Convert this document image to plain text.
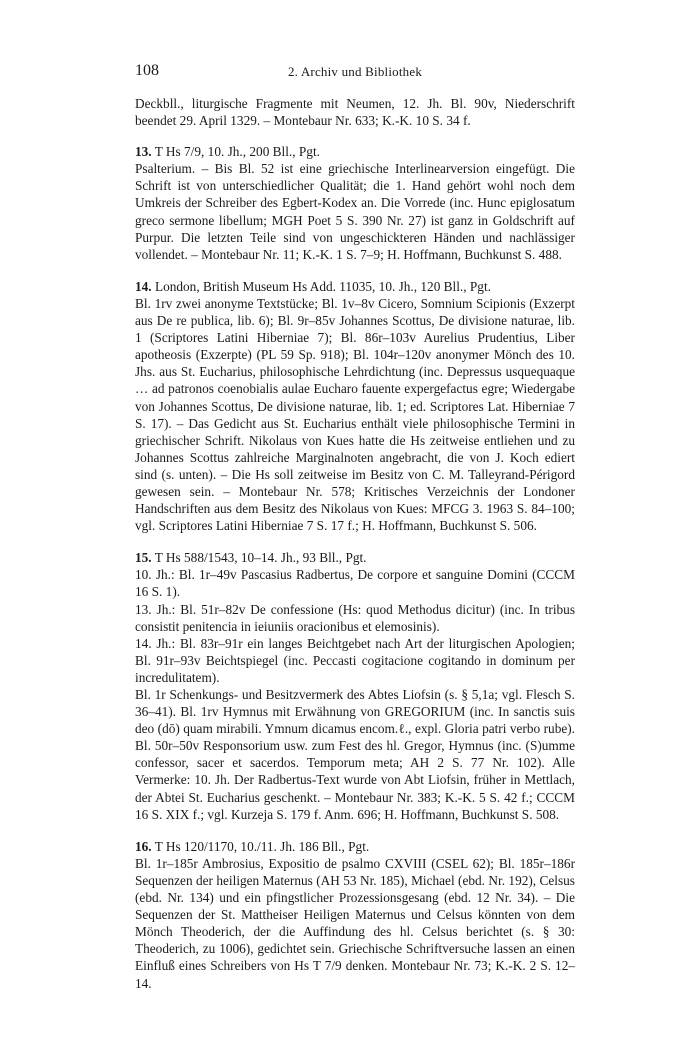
108	2. Archiv und Bibliothek

Deckbll., liturgische Fragmente mit Neumen, 12. Jh. Bl. 90v, Niederschrift beendet 29. April 1329. – Montebaur Nr. 633; K.-K. 10 S. 34 f.

13. T Hs 7/9, 10. Jh., 200 Bll., Pgt.

Psalterium. – Bis Bl. 52 ist eine griechische Interlinearversion eingefügt. Die Schrift ist von unterschiedlicher Qualität; die 1. Hand gehört wohl noch dem Umkreis der Schreiber des Egbert-Kodex an. Die Vorrede (inc. Hunc epiglosatum greco sermone libellum; MGH Poet 5 S. 390 Nr. 27) ist ganz in Goldschrift auf Purpur. Die letzten Teile sind von ungeschickteren Händen und nachlässiger vollendet. – Montebaur Nr. 11; K.-K. 1 S. 7–9; H. Hoffmann, Buchkunst S. 488.

14. London, British Museum Hs Add. 11035, 10. Jh., 120 Bll., Pgt.

Bl. 1rv zwei anonyme Textstücke; Bl. 1v–8v Cicero, Somnium Scipionis (Exzerpt aus De re publica, lib. 6); Bl. 9r–85v Johannes Scottus, De divisione naturae, lib. 1 (Scriptores Latini Hiberniae 7); Bl. 86r–103v Aurelius Prudentius, Liber apotheosis (Exzerpte) (PL 59 Sp. 918); Bl. 104r–120v anonymer Mönch des 10. Jhs. aus St. Eucharius, philosophische Lehrdichtung (inc. Depressus usquequaque … ad patronos coenobialis aulae Eucharo fauente expergefactus egre; Wiedergabe von Johannes Scottus, De divisione naturae, lib. 1; ed. Scriptores Lat. Hiberniae 7 S. 17). – Das Gedicht aus St. Eucharius enthält viele philosophische Termini in griechischer Schrift. Nikolaus von Kues hatte die Hs zeitweise entliehen und zu Johannes Scottus zahlreiche Marginalnoten angebracht, die von J. Koch ediert sind (s. unten). – Die Hs soll zeitweise im Besitz von C. M. Talleyrand-Périgord gewesen sein. – Montebaur Nr. 578; Kritisches Verzeichnis der Londoner Handschriften aus dem Besitz des Nikolaus von Kues: MFCG 3. 1963 S. 84–100; vgl. Scriptores Latini Hiberniae 7 S. 17 f.; H. Hoffmann, Buchkunst S. 506.

15. T Hs 588/1543, 10–14. Jh., 93 Bll., Pgt.

10. Jh.: Bl. 1r–49v Pascasius Radbertus, De corpore et sanguine Domini (CCCM 16 S. 1).

13. Jh.: Bl. 51r–82v De confessione (Hs: quod Methodus dicitur) (inc. In tribus consistit penitencia in ieiuniis oracionibus et elemosinis).

14. Jh.: Bl. 83r–91r ein langes Beichtgebet nach Art der liturgischen Apologien; Bl. 91r–93v Beichtspiegel (inc. Peccasti cogitacione cogitando in dominum per incredulitatem).

Bl. 1r Schenkungs- und Besitzvermerk des Abtes Liofsin (s. § 5,1a; vgl. Flesch S. 36–41). Bl. 1rv Hymnus mit Erwähnung von GREGORIUM (inc. In sanctis suis deo (dō) quam mirabili. Ymnum dicamus encom.ℓ., expl. Gloria patri verbo rube). Bl. 50r–50v Responsorium usw. zum Fest des hl. Gregor, Hymnus (inc. (S)umme confessor, sacer et sacerdos. Temporum meta; AH 2 S. 77 Nr. 102). Alle Vermerke: 10. Jh. Der Radbertus-Text wurde von Abt Liofsin, früher in Mettlach, der Abtei St. Eucharius geschenkt. – Montebaur Nr. 383; K.-K. 5 S. 42 f.; CCCM 16 S. XIX f.; vgl. Kurzeja S. 179 f. Anm. 696; H. Hoffmann, Buchkunst S. 508.

16. T Hs 120/1170, 10./11. Jh. 186 Bll., Pgt.

Bl. 1r–185r Ambrosius, Expositio de psalmo CXVIII (CSEL 62); Bl. 185r–186r Sequenzen der heiligen Maternus (AH 53 Nr. 185), Michael (ebd. Nr. 192), Celsus (ebd. Nr. 134) und ein pfingstlicher Prozessionsgesang (ebd. 12 Nr. 34). – Die Sequenzen der St. Mattheiser Heiligen Maternus und Celsus könnten von dem Mönch Theoderich, der die Auffindung des hl. Celsus berichtet (s. § 30: Theoderich, zu 1006), gedichtet sein. Griechische Schriftversuche lassen an einen Einfluß eines Schreibers von Hs T 7/9 denken. Montebaur Nr. 73; K.-K. 2 S. 12–14.
